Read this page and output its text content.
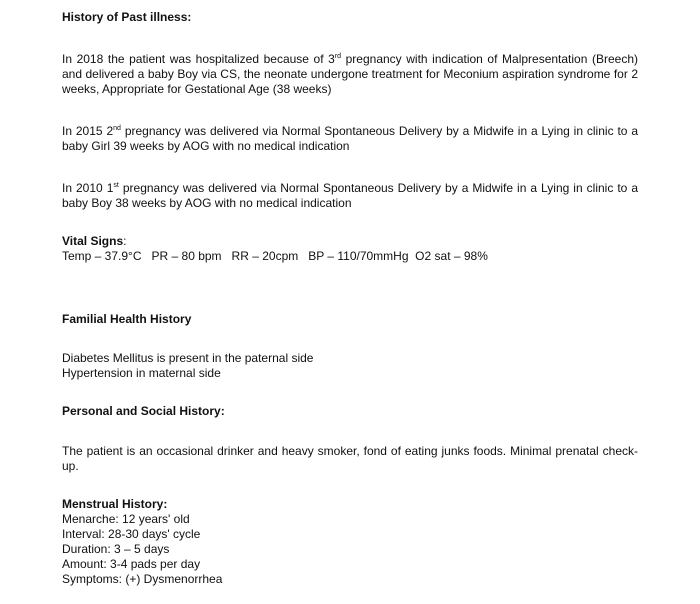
History of Past illness:

In 2018 the patient was hospitalized because of 3rd pregnancy with indication of Malpresentation (Breech) and delivered a baby Boy via CS, the neonate undergone treatment for Meconium aspiration syndrome for 2 weeks, Appropriate for Gestational Age (38 weeks)

In 2015 2nd pregnancy was delivered via Normal Spontaneous Delivery by a Midwife in a Lying in clinic to a baby Girl 39 weeks by AOG with no medical indication

In 2010 1st pregnancy was delivered via Normal Spontaneous Delivery by a Midwife in a Lying in clinic to a baby Boy 38 weeks by AOG with no medical indication

Vital Signs:

Temp – 37.9°C   PR – 80 bpm   RR – 20cpm   BP – 110/70mmHg  O2 sat – 98%

Familial Health History

Diabetes Mellitus is present in the paternal side
Hypertension in maternal side

Personal and Social History:

The patient is an occasional drinker and heavy smoker, fond of eating junks foods. Minimal prenatal check-up.

Menstrual History:

Menarche: 12 years' old
Interval: 28-30 days' cycle
Duration: 3 – 5 days
Amount: 3-4 pads per day
Symptoms: (+) Dysmenorrhea
